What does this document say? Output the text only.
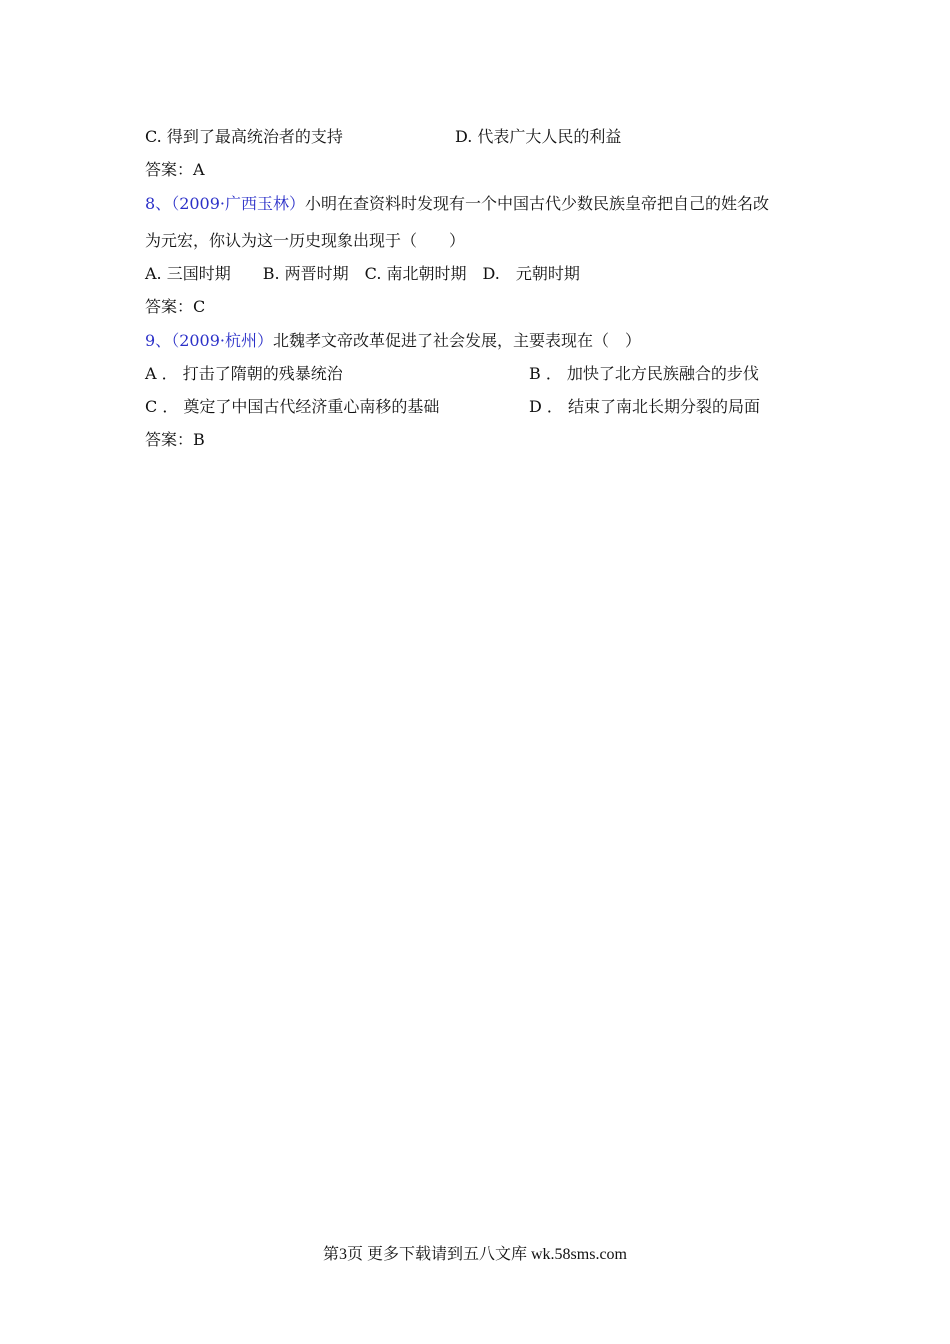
C. 得到了最高统治者的支持	D. 代表广大人民的利益
答案：A
8、（2009·广西玉林）小明在查资料时发现有一个中国古代少数民族皇帝把自己的姓名改
为元宏，你认为这一历史现象出现于（　　）
A. 三国时期　　B. 两晋时期　C. 南北朝时期　D.　元朝时期
答案：C
9、（2009·杭州）北魏孝文帝改革促进了社会发展，主要表现在（　）
A ． 打击了隋朝的残暴统治	B ． 加快了北方民族融合的步伐
C ． 奠定了中国古代经济重心南移的基础	D ． 结束了南北长期分裂的局面
答案：B
第3页 更多下载请到五八文库 wk.58sms.com
